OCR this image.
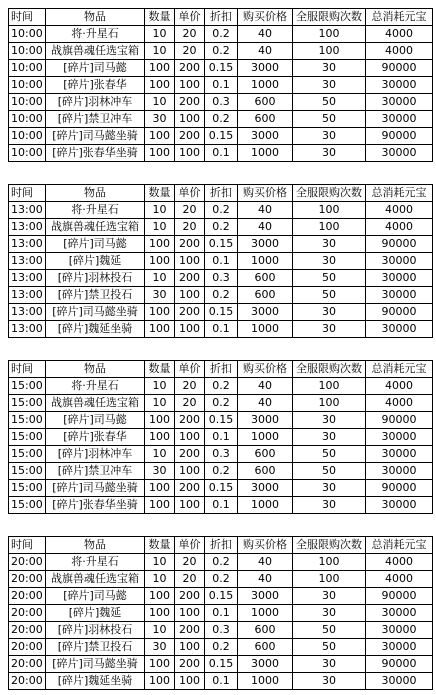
时间	物品	数量	单价	折扣	购买价格	全服限购次数	总消耗元宝
10:00	将·升星石	10	20	0.2	40	100	4000
10:00	战旗兽魂任选宝箱	10	20	0.2	40	100	4000
10:00	[碎片]司马懿	100	200	0.15	3000	30	90000
10:00	[碎片]张春华	100	100	0.1	1000	30	30000
10:00	[碎片]羽林冲车	10	200	0.3	600	50	30000
10:00	[碎片]禁卫冲车	30	100	0.2	600	50	30000
10:00	[碎片]司马懿坐骑	100	200	0.15	3000	30	90000
10:00	[碎片]张春华坐骑	100	100	0.1	1000	30	30000
时间	物品	数量	单价	折扣	购买价格	全服限购次数	总消耗元宝
13:00	将·升星石	10	20	0.2	40	100	4000
13:00	战旗兽魂任选宝箱	10	20	0.2	40	100	4000
13:00	[碎片]司马懿	100	200	0.15	3000	30	90000
13:00	[碎片]魏延	100	100	0.1	1000	30	30000
13:00	[碎片]羽林投石	10	200	0.3	600	50	30000
13:00	[碎片]禁卫投石	30	100	0.2	600	50	30000
13:00	[碎片]司马懿坐骑	100	200	0.15	3000	30	90000
13:00	[碎片]魏延坐骑	100	100	0.1	1000	30	30000
时间	物品	数量	单价	折扣	购买价格	全服限购次数	总消耗元宝
15:00	将·升星石	10	20	0.2	40	100	4000
15:00	战旗兽魂任选宝箱	10	20	0.2	40	100	4000
15:00	[碎片]司马懿	100	200	0.15	3000	30	90000
15:00	[碎片]张春华	100	100	0.1	1000	30	30000
15:00	[碎片]羽林冲车	10	200	0.3	600	50	30000
15:00	[碎片]禁卫冲车	30	100	0.2	600	50	30000
15:00	[碎片]司马懿坐骑	100	200	0.15	3000	30	90000
15:00	[碎片]张春华坐骑	100	100	0.1	1000	30	30000
时间	物品	数量	单价	折扣	购买价格	全服限购次数	总消耗元宝
20:00	将·升星石	10	20	0.2	40	100	4000
20:00	战旗兽魂任选宝箱	10	20	0.2	40	100	4000
20:00	[碎片]司马懿	100	200	0.15	3000	30	90000
20:00	[碎片]魏延	100	100	0.1	1000	30	30000
20:00	[碎片]羽林投石	10	200	0.3	600	50	30000
20:00	[碎片]禁卫投石	30	100	0.2	600	50	30000
20:00	[碎片]司马懿坐骑	100	200	0.15	3000	30	90000
20:00	[碎片]魏延坐骑	100	100	0.1	1000	30	30000
